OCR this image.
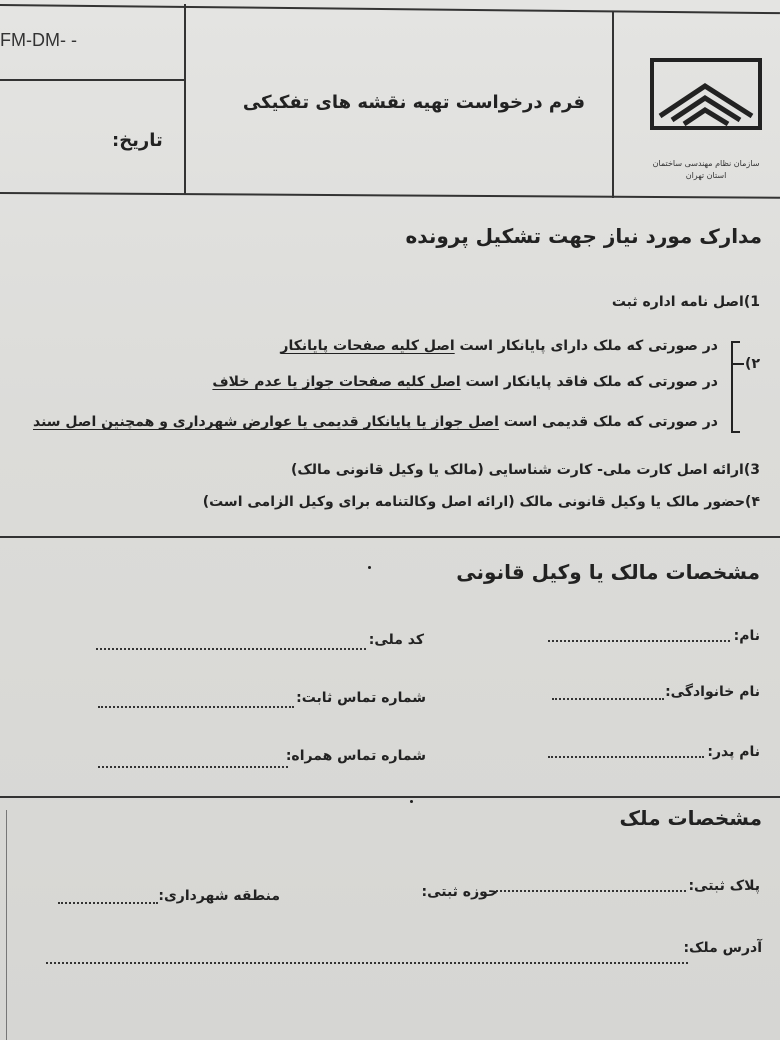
FM-DM- -
فرم درخواست تهیه نقشه های تفکیکی
تاریخ:
سازمان نظام مهندسی ساختمان
استان تهران
مدارک مورد نیاز جهت تشکیل پرونده
1)اصل نامه اداره ثبت
۲)
در صورتی که ملک دارای پایانکار است اصل کلیه صفحات پایانکار
در صورتی که ملک فاقد پایانکار است اصل کلیه صفحات جواز یا عدم خلاف
در صورتی که ملک قدیمی است اصل جواز یا پایانکار قدیمی یا عوارض شهرداری و همچنین اصل سند
3)ارائه اصل کارت ملی- کارت شناسایی (مالک یا وکیل قانونی مالک)
۴)حضور مالک یا وکیل قانونی مالک (ارائه اصل وکالتنامه برای وکیل الزامی است)
مشخصات مالک یا وکیل قانونی
نام:
کد ملی:
نام خانوادگی:
شماره تماس ثابت:
نام پدر:
شماره تماس همراه:
مشخصات ملک
پلاک ثبتی:
حوزه ثبتی:
منطقه شهرداری:
آدرس ملک:
